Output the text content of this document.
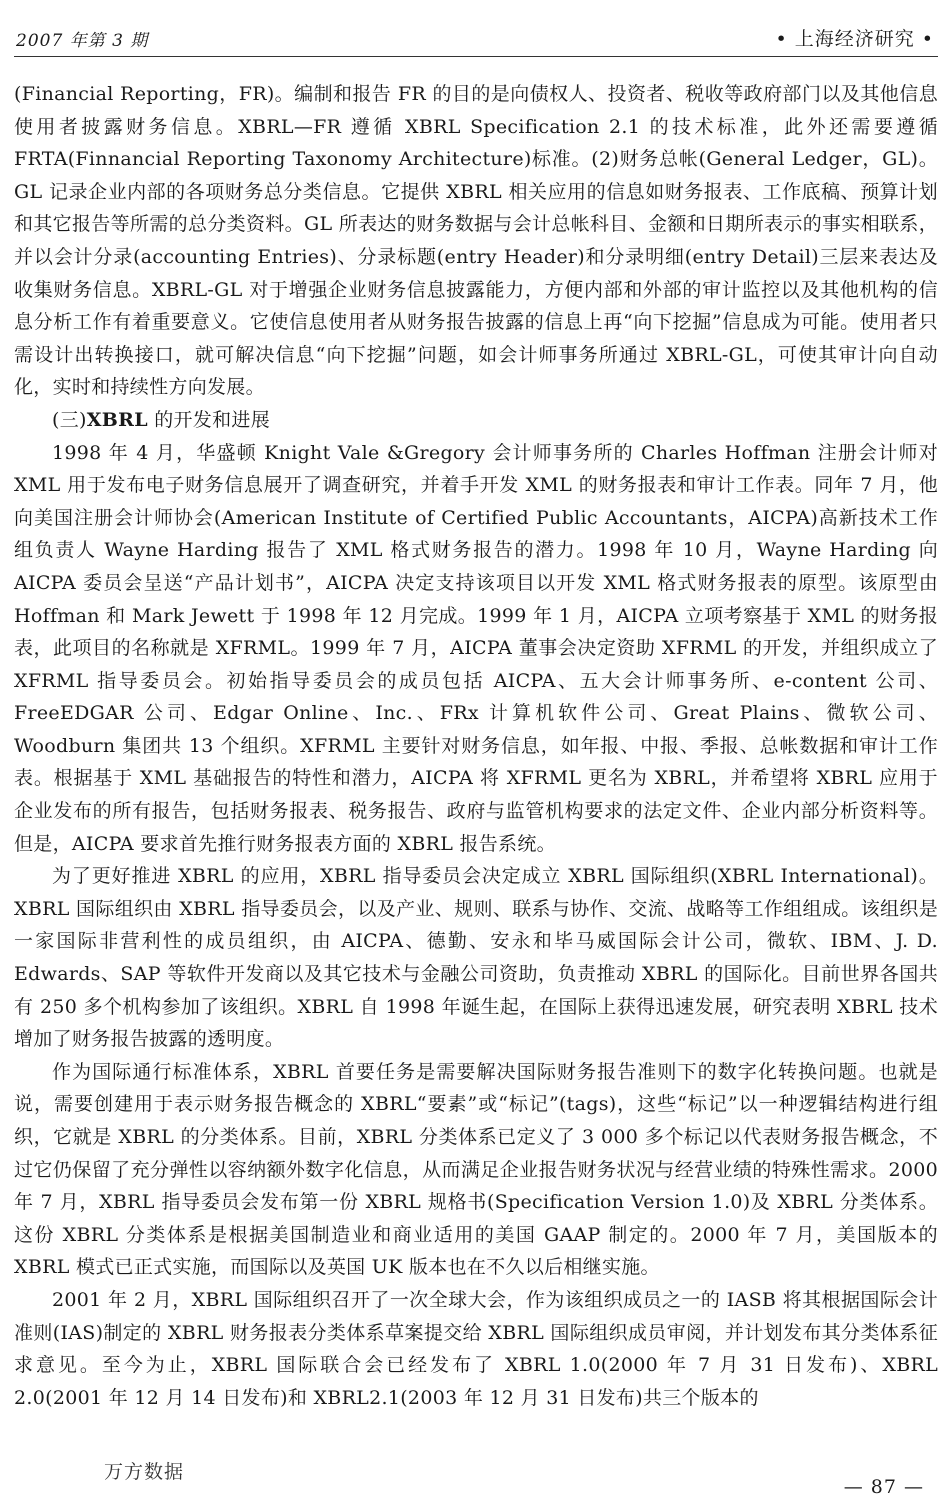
2007 年第 3 期	• 上海经济研究 •

(Financial Reporting，FR)。编制和报告 FR 的目的是向债权人、投资者、税收等政府部门以及其他信息使用者披露财务信息。XBRL—FR 遵循 XBRL Specification 2.1 的技术标准，此外还需要遵循 FRTA(Finnancial Reporting Taxonomy Architecture)标准。(2)财务总帐(General Ledger，GL)。GL 记录企业内部的各项财务总分类信息。它提供 XBRL 相关应用的信息如财务报表、工作底稿、预算计划和其它报告等所需的总分类资料。GL 所表达的财务数据与会计总帐科目、金额和日期所表示的事实相联系，并以会计分录(accounting Entries)、分录标题(entry Header)和分录明细(entry Detail)三层来表达及收集财务信息。XBRL-GL 对于增强企业财务信息披露能力，方便内部和外部的审计监控以及其他机构的信息分析工作有着重要意义。它使信息使用者从财务报告披露的信息上再“向下挖掘”信息成为可能。使用者只需设计出转换接口，就可解决信息“向下挖掘”问题，如会计师事务所通过 XBRL-GL，可使其审计向自动化，实时和持续性方向发展。

(三)XBRL 的开发和进展

1998 年 4 月，华盛顿 Knight Vale &Gregory 会计师事务所的 Charles Hoffman 注册会计师对 XML 用于发布电子财务信息展开了调查研究，并着手开发 XML 的财务报表和审计工作表。同年 7 月，他向美国注册会计师协会(American Institute of Certified Public Accountants，AICPA)高新技术工作组负责人 Wayne Harding 报告了 XML 格式财务报告的潜力。1998 年 10 月，Wayne Harding 向 AICPA 委员会呈送“产品计划书”，AICPA 决定支持该项目以开发 XML 格式财务报表的原型。该原型由 Hoffman 和 Mark Jewett 于 1998 年 12 月完成。1999 年 1 月，AICPA 立项考察基于 XML 的财务报表，此项目的名称就是 XFRML。1999 年 7 月，AICPA 董事会决定资助 XFRML 的开发，并组织成立了 XFRML 指导委员会。初始指导委员会的成员包括 AICPA、五大会计师事务所、e-content 公司、FreeEDGAR 公司、Edgar Online、Inc.、FRx 计算机软件公司、Great Plains、微软公司、Woodburn 集团共 13 个组织。XFRML 主要针对财务信息，如年报、中报、季报、总帐数据和审计工作表。根据基于 XML 基础报告的特性和潜力，AICPA 将 XFRML 更名为 XBRL，并希望将 XBRL 应用于企业发布的所有报告，包括财务报表、税务报告、政府与监管机构要求的法定文件、企业内部分析资料等。但是，AICPA 要求首先推行财务报表方面的 XBRL 报告系统。

为了更好推进 XBRL 的应用，XBRL 指导委员会决定成立 XBRL 国际组织(XBRL International)。XBRL 国际组织由 XBRL 指导委员会，以及产业、规则、联系与协作、交流、战略等工作组组成。该组织是一家国际非营利性的成员组织，由 AICPA、德勤、安永和毕马威国际会计公司，微软、IBM、J. D. Edwards、SAP 等软件开发商以及其它技术与金融公司资助，负责推动 XBRL 的国际化。目前世界各国共有 250 多个机构参加了该组织。XBRL 自 1998 年诞生起，在国际上获得迅速发展，研究表明 XBRL 技术增加了财务报告披露的透明度。

作为国际通行标准体系，XBRL 首要任务是需要解决国际财务报告准则下的数字化转换问题。也就是说，需要创建用于表示财务报告概念的 XBRL“要素”或“标记”(tags)，这些“标记”以一种逻辑结构进行组织，它就是 XBRL 的分类体系。目前，XBRL 分类体系已定义了 3 000 多个标记以代表财务报告概念，不过它仍保留了充分弹性以容纳额外数字化信息，从而满足企业报告财务状况与经营业绩的特殊性需求。2000 年 7 月，XBRL 指导委员会发布第一份 XBRL 规格书(Specification Version 1.0)及 XBRL 分类体系。这份 XBRL 分类体系是根据美国制造业和商业适用的美国 GAAP 制定的。2000 年 7 月，美国版本的 XBRL 模式已正式实施，而国际以及英国 UK 版本也在不久以后相继实施。

2001 年 2 月，XBRL 国际组织召开了一次全球大会，作为该组织成员之一的 IASB 将其根据国际会计准则(IAS)制定的 XBRL 财务报表分类体系草案提交给 XBRL 国际组织成员审阅，并计划发布其分类体系征求意见。至今为止，XBRL 国际联合会已经发布了 XBRL 1.0(2000 年 7 月 31 日发布)、XBRL 2.0(2001 年 12 月 14 日发布)和 XBRL2.1(2003 年 12 月 31 日发布)共三个版本的

万方数据
— 87 —
